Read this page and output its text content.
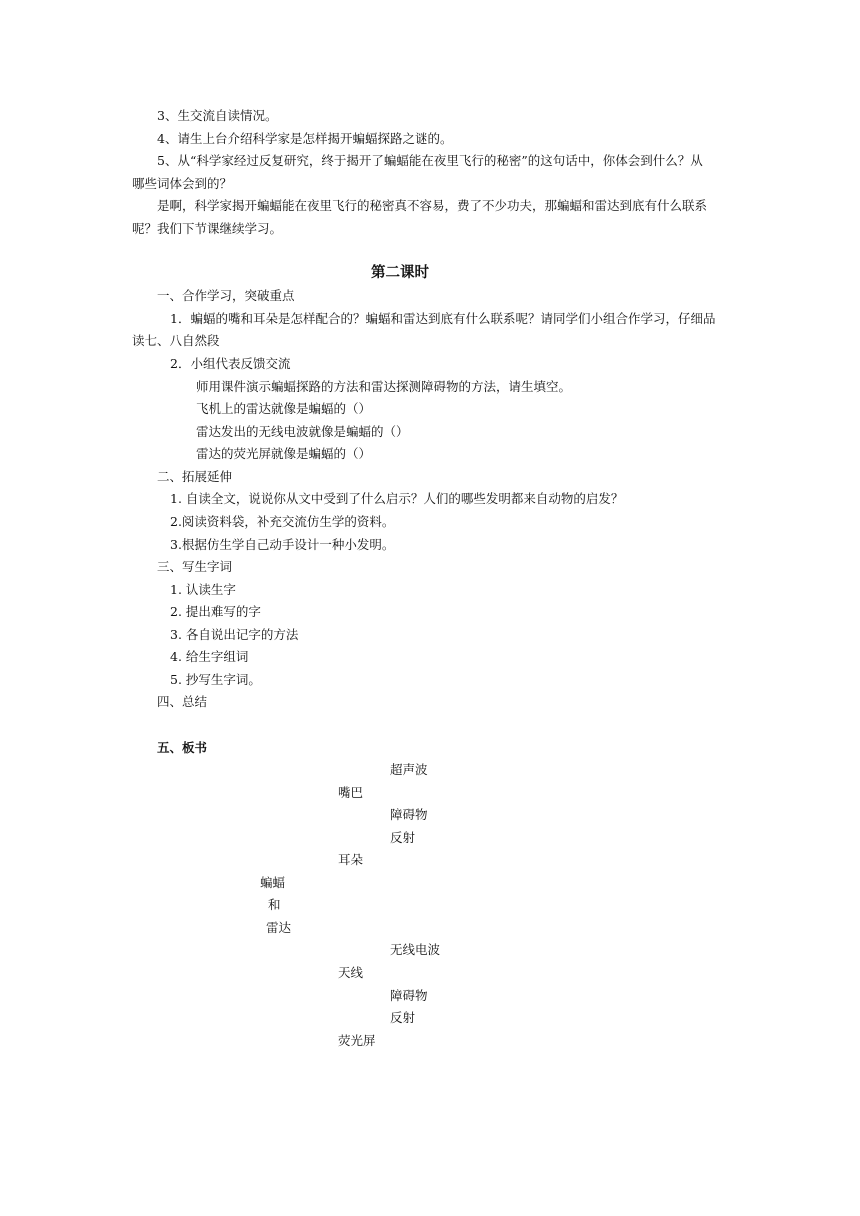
3、生交流自读情况。

4、请生上台介绍科学家是怎样揭开蝙蝠探路之谜的。

5、从“科学家经过反复研究，终于揭开了蝙蝠能在夜里飞行的秘密”的这句话中，你体会到什么？从

哪些词体会到的？

是啊，科学家揭开蝙蝠能在夜里飞行的秘密真不容易，费了不少功夫，那蝙蝠和雷达到底有什么联系

呢？我们下节课继续学习。

第二课时

一、合作学习，突破重点

1．蝙蝠的嘴和耳朵是怎样配合的？蝙蝠和雷达到底有什么联系呢？请同学们小组合作学习，仔细品

读七、八自然段

2．小组代表反馈交流

师用课件演示蝙蝠探路的方法和雷达探测障碍物的方法，请生填空。

飞机上的雷达就像是蝙蝠的（）

雷达发出的无线电波就像是蝙蝠的（）

雷达的荧光屏就像是蝙蝠的（）

二、拓展延伸

1. 自读全文，说说你从文中受到了什么启示？人们的哪些发明都来自动物的启发？

2.阅读资料袋，补充交流仿生学的资料。

3.根据仿生学自己动手设计一种小发明。

三、写生字词

1. 认读生字

2. 提出难写的字

3. 各自说出记字的方法

4. 给生字组词

5. 抄写生字词。

四、总结

五、板书

超声波

嘴巴

障碍物

反射

耳朵

蝙蝠

和

雷达

无线电波

天线

障碍物

反射

荧光屏
